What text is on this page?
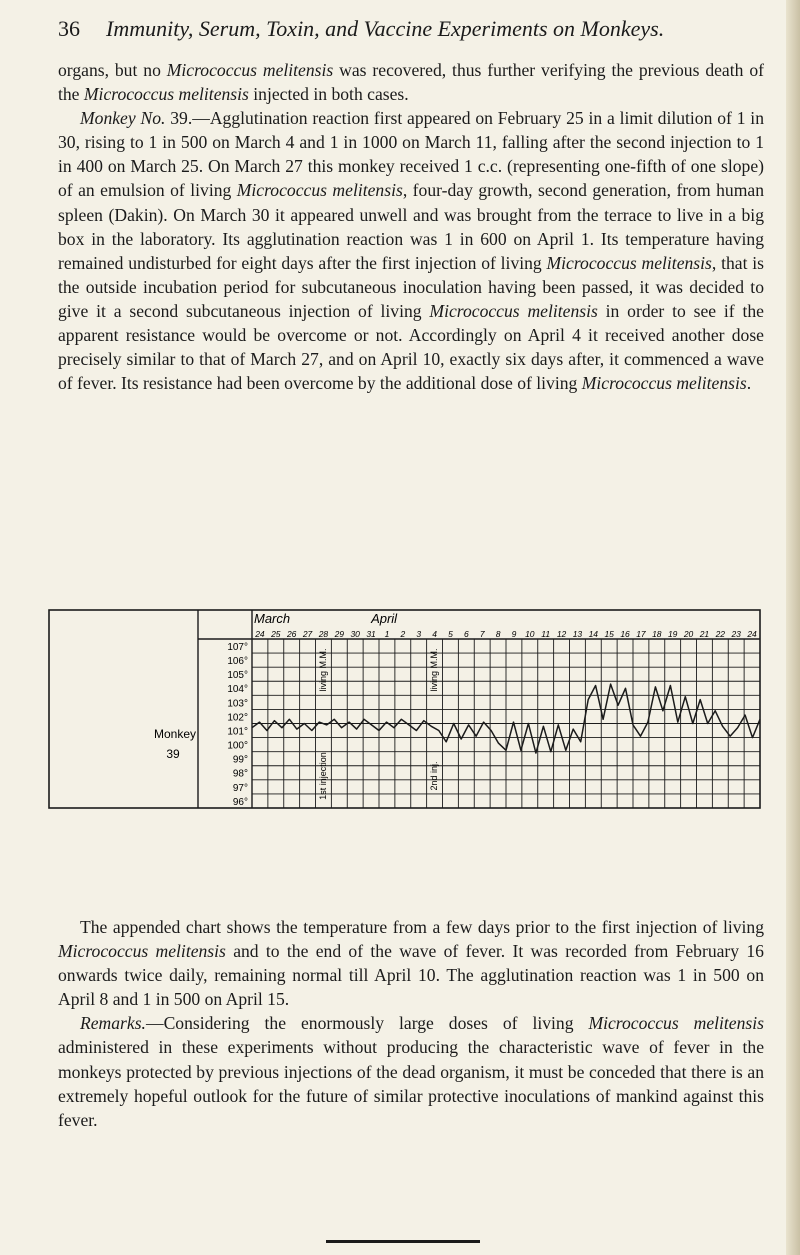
36 Immunity, Serum, Toxin, and Vaccine Experiments on Monkeys.

organs, but no Micrococcus melitensis was recovered, thus further verifying the previous death of the Micrococcus melitensis injected in both cases.

Monkey No. 39.—Agglutination reaction first appeared on February 25 in a limit dilution of 1 in 30, rising to 1 in 500 on March 4 and 1 in 1000 on March 11, falling after the second injection to 1 in 400 on March 25. On March 27 this monkey received 1 c.c. (representing one-fifth of one slope) of an emulsion of living Micrococcus melitensis, four-day growth, second generation, from human spleen (Dakin). On March 30 it appeared unwell and was brought from the terrace to live in a big box in the laboratory. Its agglutination reaction was 1 in 600 on April 1. Its temperature having remained undisturbed for eight days after the first injection of living Micrococcus melitensis, that is the outside incubation period for subcutaneous inoculation having been passed, it was decided to give it a second subcutaneous injection of living Micrococcus melitensis in order to see if the apparent resistance would be overcome or not. Accordingly on April 4 it received another dose precisely similar to that of March 27, and on April 10, exactly six days after, it commenced a wave of fever. Its resistance had been overcome by the additional dose of living Micrococcus melitensis.

March	April
24 25 26 27 28 29 30 31 1 2 3 4 5 6 7 8 9 10 11 12 13 14 15 16 17 18 19 20 21 22 23 24
107°
106°
105°
104°
103°
102°
101°
100°
99°
98°
97°
96°
Monkey
39
living M.M.
1st injection
living M.M.
2nd inj.

The appended chart shows the temperature from a few days prior to the first injection of living Micrococcus melitensis and to the end of the wave of fever. It was recorded from February 16 onwards twice daily, remaining normal till April 10. The agglutination reaction was 1 in 500 on April 8 and 1 in 500 on April 15.

Remarks.—Considering the enormously large doses of living Micrococcus melitensis administered in these experiments without producing the characteristic wave of fever in the monkeys protected by previous injections of the dead organism, it must be conceded that there is an extremely hopeful outlook for the future of similar protective inoculations of mankind against this fever.
